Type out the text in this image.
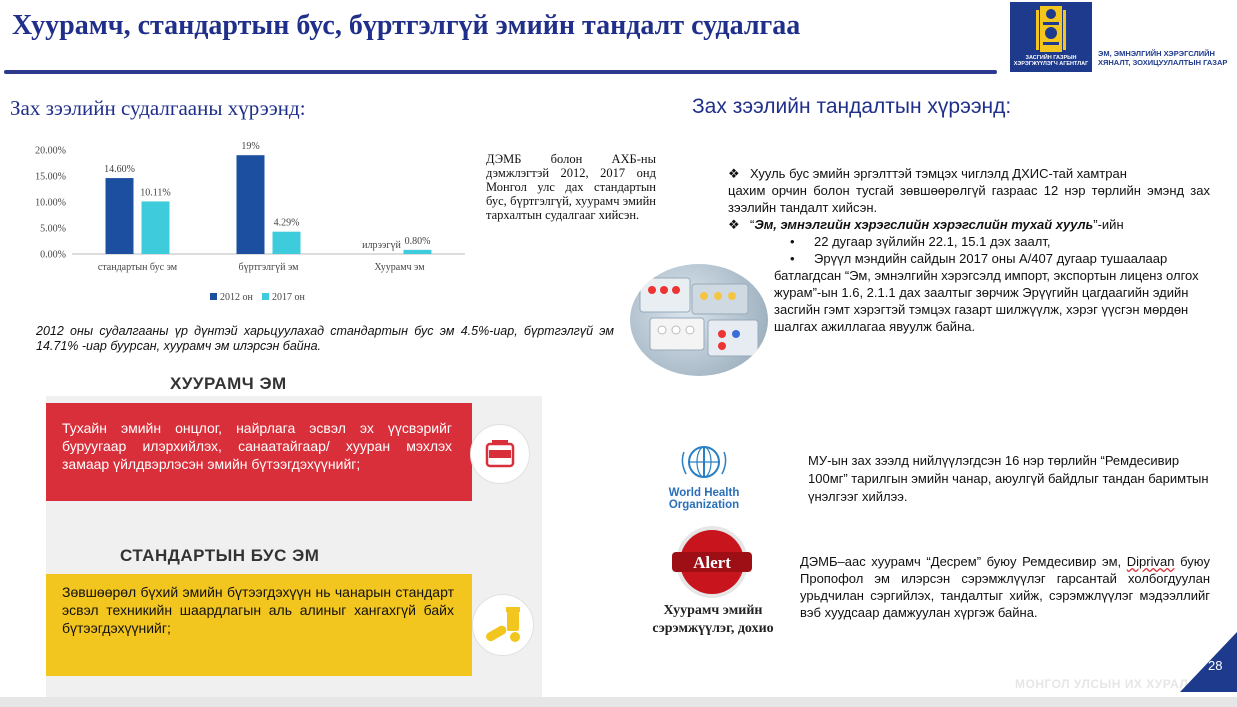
Хуурамч, стандартын бус, бүртгэлгүй эмийн тандалт судалгаа
ЗАСГИЙН ГАЗРЫН ХЭРЭГЖҮҮЛЭГЧ АГЕНТЛАГ
ЭМ, ЭМНЭЛГИЙН ХЭРЭГСЛИЙН ХЯНАЛТ, ЗОХИЦУУЛАЛТЫН ГАЗАР
Зах зээлийн судалгааны хүрээнд:
0.00%
5.00%
10.00%
15.00%
20.00%
14.60%
10.11%
стандартын бус эм
19%
4.29%
бүртгэлгүй эм
илрээгүй 0.80%
Хуурамч эм
2012 он 2017 он
ДЭМБ болон АХБ-ны дэмжлэгтэй 2012, 2017 онд Монгол улс дах стандартын бус, бүртгэлгүй, хуурамч эмийн тархалтын судалгааг хийсэн.
2012 оны судалгааны үр дүнтэй харьцуулахад стандартын бус эм 4.5%-иар, бүртгэлгүй эм 14.71% -иар буурсан, хуурамч эм илэрсэн байна.
ХУУРАМЧ ЭМ
Тухайн эмийн онцлог, найрлага эсвэл эх үүсвэрийг буруугаар илэрхийлэх, санаатайгаар/ хууран мэхлэх замаар үйлдвэрлэсэн эмийн бүтээгдэхүүнийг;
СТАНДАРТЫН БУС ЭМ
Зөвшөөрөл бүхий эмийн бүтээгдэхүүн нь чанарын стандарт эсвэл техникийн шаардлагын аль алиныг хангахгүй байх бүтээгдэхүүнийг;
Зах зээлийн тандалтын хүрээнд:
❖ Хууль бус эмийн эргэлттэй тэмцэх чиглэлд ДХИС-тай хамтран
цахим орчин болон тусгай зөвшөөрөлгүй газраас 12 нэр төрлийн эмэнд зах зээлийн тандалт хийсэн.
❖ “Эм, эмнэлгийн хэрэгслийн хэрэгслийн тухай хууль”-ийн
• 22 дугаар зүйлийн 22.1, 15.1 дэх заалт,
• Эрүүл мэндийн сайдын 2017 оны А/407 дугаар тушаалаар
батлагдсан “Эм, эмнэлгийн хэрэгсэлд импорт, экспортын лиценз олгох журам”-ын 1.6, 2.1.1 дах заалтыг зөрчиж Эрүүгийн цагдаагийн эдийн засгийн гэмт хэрэгтэй тэмцэх газарт шилжүүлж, хэрэг үүсгэн мөрдөн шалгах ажиллагаа явуулж байна.
World Health
Organization
МУ-ын зах зээлд нийлүүлэгдсэн 16 нэр төрлийн “Ремдесивир 100мг” тарилгын эмийн чанар, аюулгүй байдлыг тандан баримтын үнэлгээг хийлээ.
Alert
Хуурамч эмийн сэрэмжүүлэг, дохио
ДЭМБ–аас хуурамч “Десрем” буюу Ремдесивир эм, Diprivan буюу Пропофол эм илэрсэн сэрэмжлүүлэг гарсантай холбогдуулан урьдчилан сэргийлэх, тандалтыг хийж, сэрэмжлүүлэг мэдээллийг вэб хуудсаар дамжуулан хүргэж байна.
МОНГОЛ УЛСЫН ИХ ХУРАЛ
28
